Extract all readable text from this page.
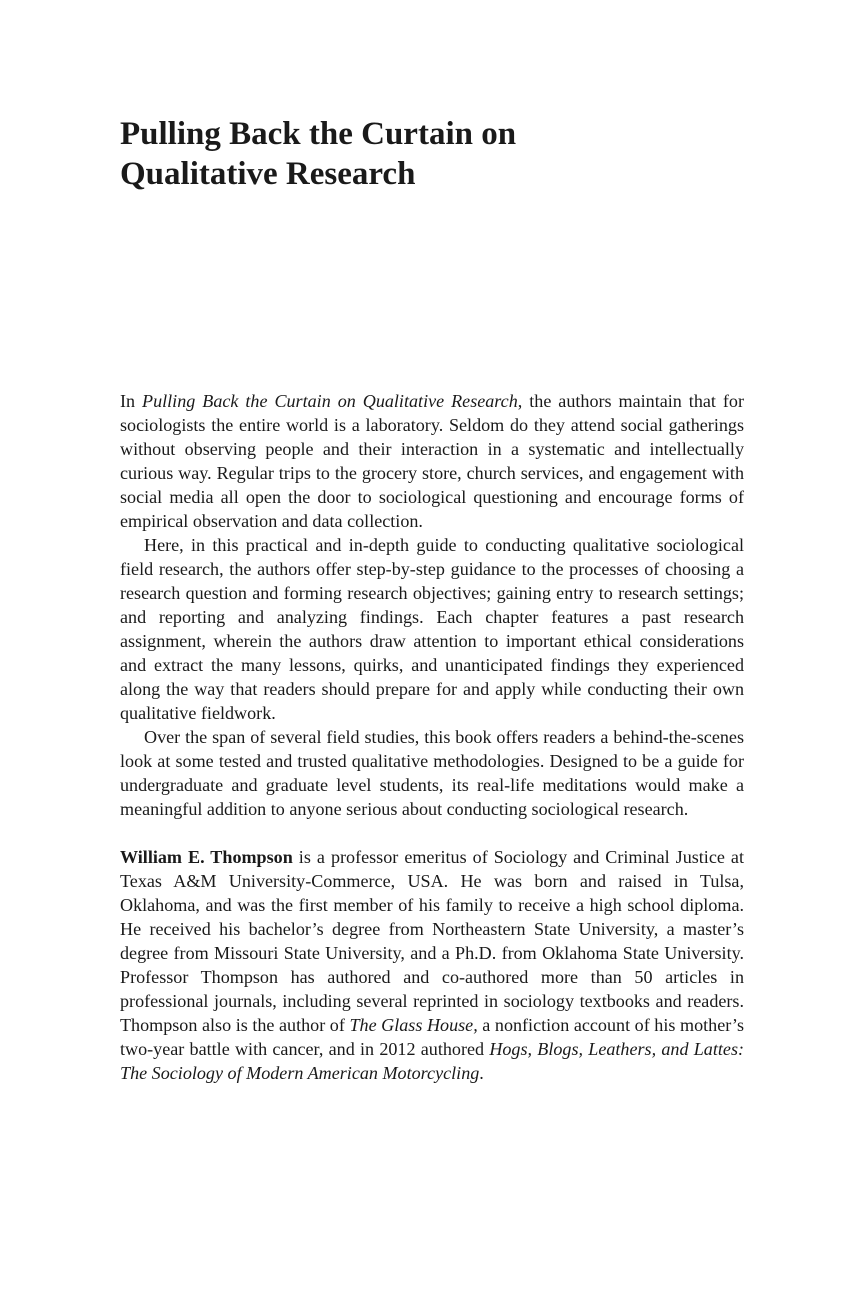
Pulling Back the Curtain on
Qualitative Research

In Pulling Back the Curtain on Qualitative Research, the authors maintain that for sociologists the entire world is a laboratory. Seldom do they attend social gatherings without observing people and their interaction in a systematic and intellectually curious way. Regular trips to the grocery store, church services, and engagement with social media all open the door to sociological questioning and encourage forms of empirical observation and data collection.

Here, in this practical and in-depth guide to conducting qualitative sociological field research, the authors offer step-by-step guidance to the processes of choosing a research question and forming research objectives; gaining entry to research settings; and reporting and analyzing findings. Each chapter features a past research assignment, wherein the authors draw attention to important ethical considerations and extract the many lessons, quirks, and unanticipated findings they experienced along the way that readers should prepare for and apply while conducting their own qualitative fieldwork.

Over the span of several field studies, this book offers readers a behind-the-scenes look at some tested and trusted qualitative methodologies. Designed to be a guide for undergraduate and graduate level students, its real-life meditations would make a meaningful addition to anyone serious about conducting sociological research.

William E. Thompson is a professor emeritus of Sociology and Criminal Justice at Texas A&M University-Commerce, USA. He was born and raised in Tulsa, Oklahoma, and was the first member of his family to receive a high school diploma. He received his bachelor’s degree from Northeastern State University, a master’s degree from Missouri State University, and a Ph.D. from Oklahoma State University. Professor Thompson has authored and co-authored more than 50 articles in professional journals, including several reprinted in sociology textbooks and readers. Thompson also is the author of The Glass House, a nonfiction account of his mother’s two-year battle with cancer, and in 2012 authored Hogs, Blogs, Leathers, and Lattes: The Sociology of Modern American Motorcycling.
